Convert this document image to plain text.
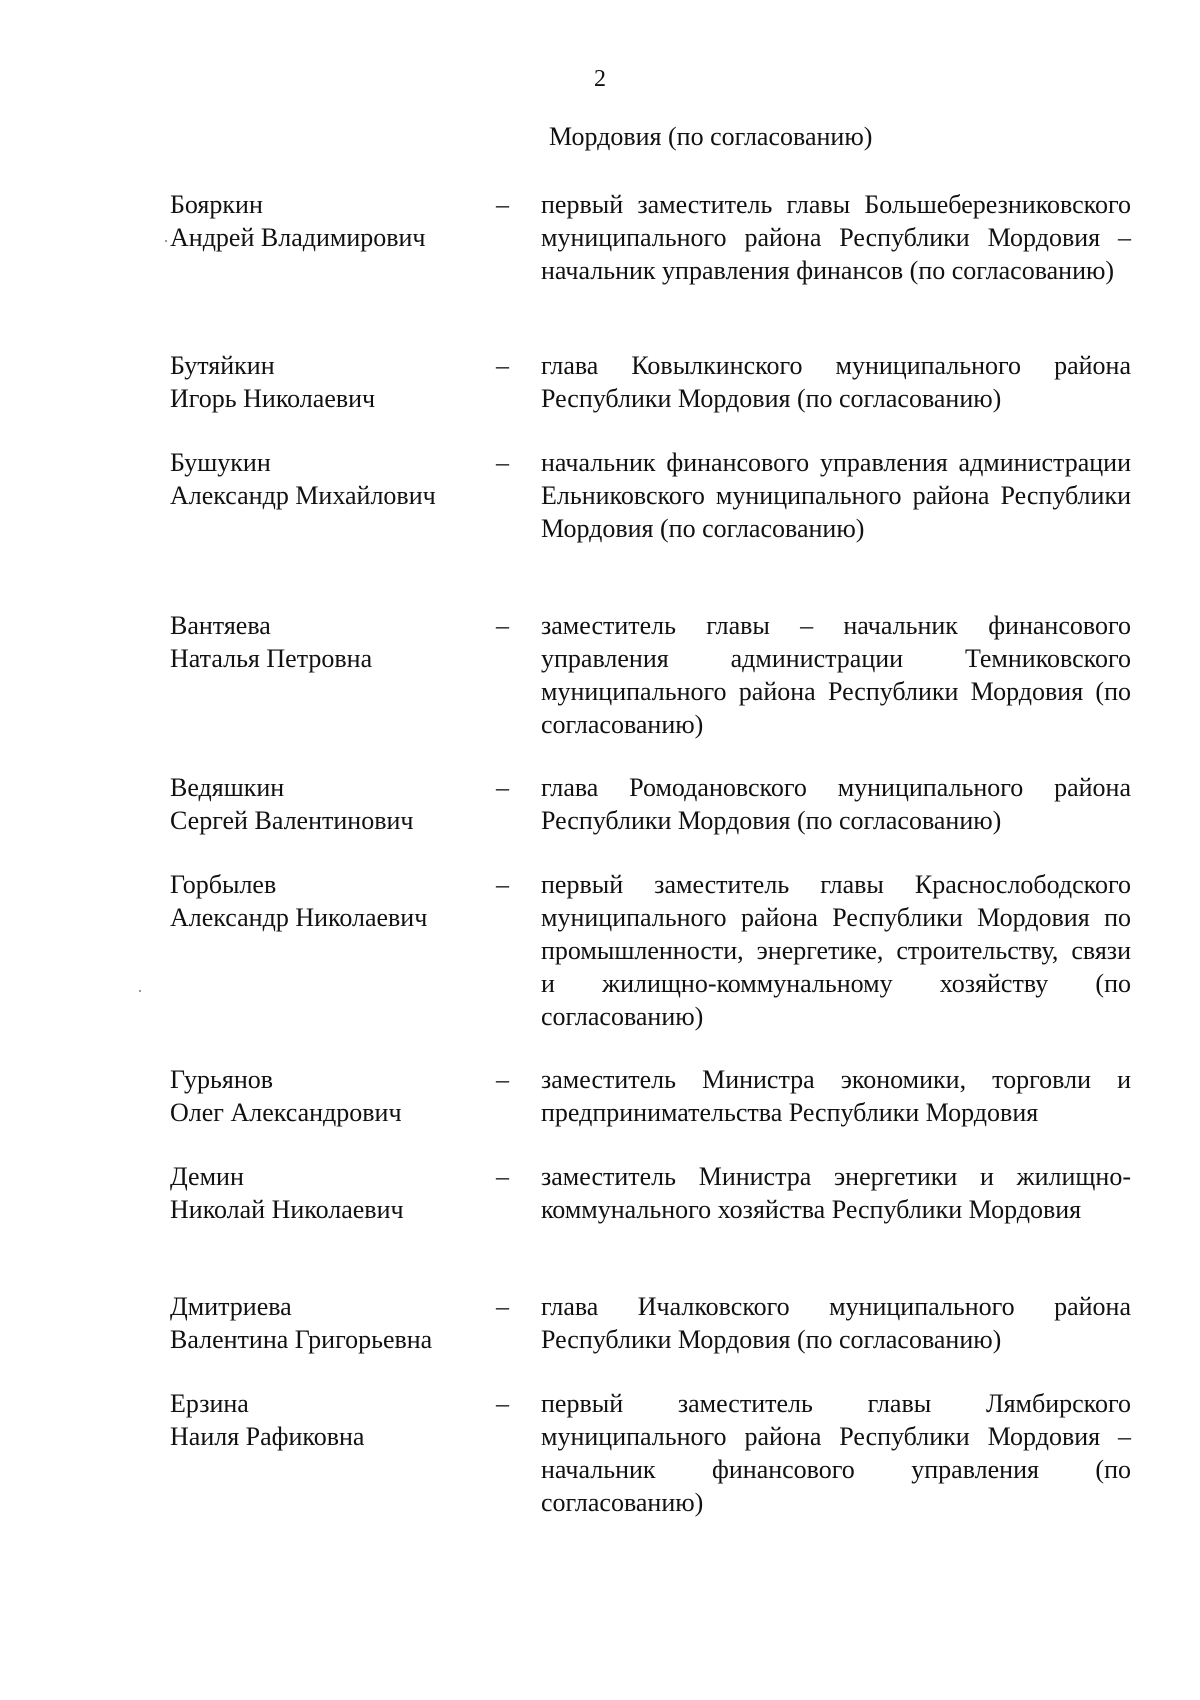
2
Мордовия (по согласованию)
Бояркин
Андрей Владимирович
– первый заместитель главы Большеберезниковского муниципального района Республики Мордовия – начальник управления финансов (по согласованию)
Бутяйкин
Игорь Николаевич
– глава Ковылкинского муниципального района Республики Мордовия (по согласованию)
Бушукин
Александр Михайлович
– начальник финансового управления администрации Ельниковского муниципального района Республики Мордовия (по согласованию)
Вантяева
Наталья Петровна
– заместитель главы – начальник финансового управления администрации Темниковского муниципального района Республики Мордовия (по согласованию)
Ведяшкин
Сергей Валентинович
– глава Ромодановского муниципального района Республики Мордовия (по согласованию)
Горбылев
Александр Николаевич
– первый заместитель главы Краснослободского муниципального района Республики Мордовия по промышленности, энергетике, строительству, связи и жилищно-коммунальному хозяйству (по согласованию)
Гурьянов
Олег Александрович
– заместитель Министра экономики, торговли и предпринимательства Республики Мордовия
Демин
Николай Николаевич
– заместитель Министра энергетики и жилищно-коммунального хозяйства Республики Мордовия
Дмитриева
Валентина Григорьевна
– глава Ичалковского муниципального района Республики Мордовия (по согласованию)
Ерзина
Наиля Рафиковна
– первый заместитель главы Лямбирского муниципального района Республики Мордовия – начальник финансового управления (по согласованию)
